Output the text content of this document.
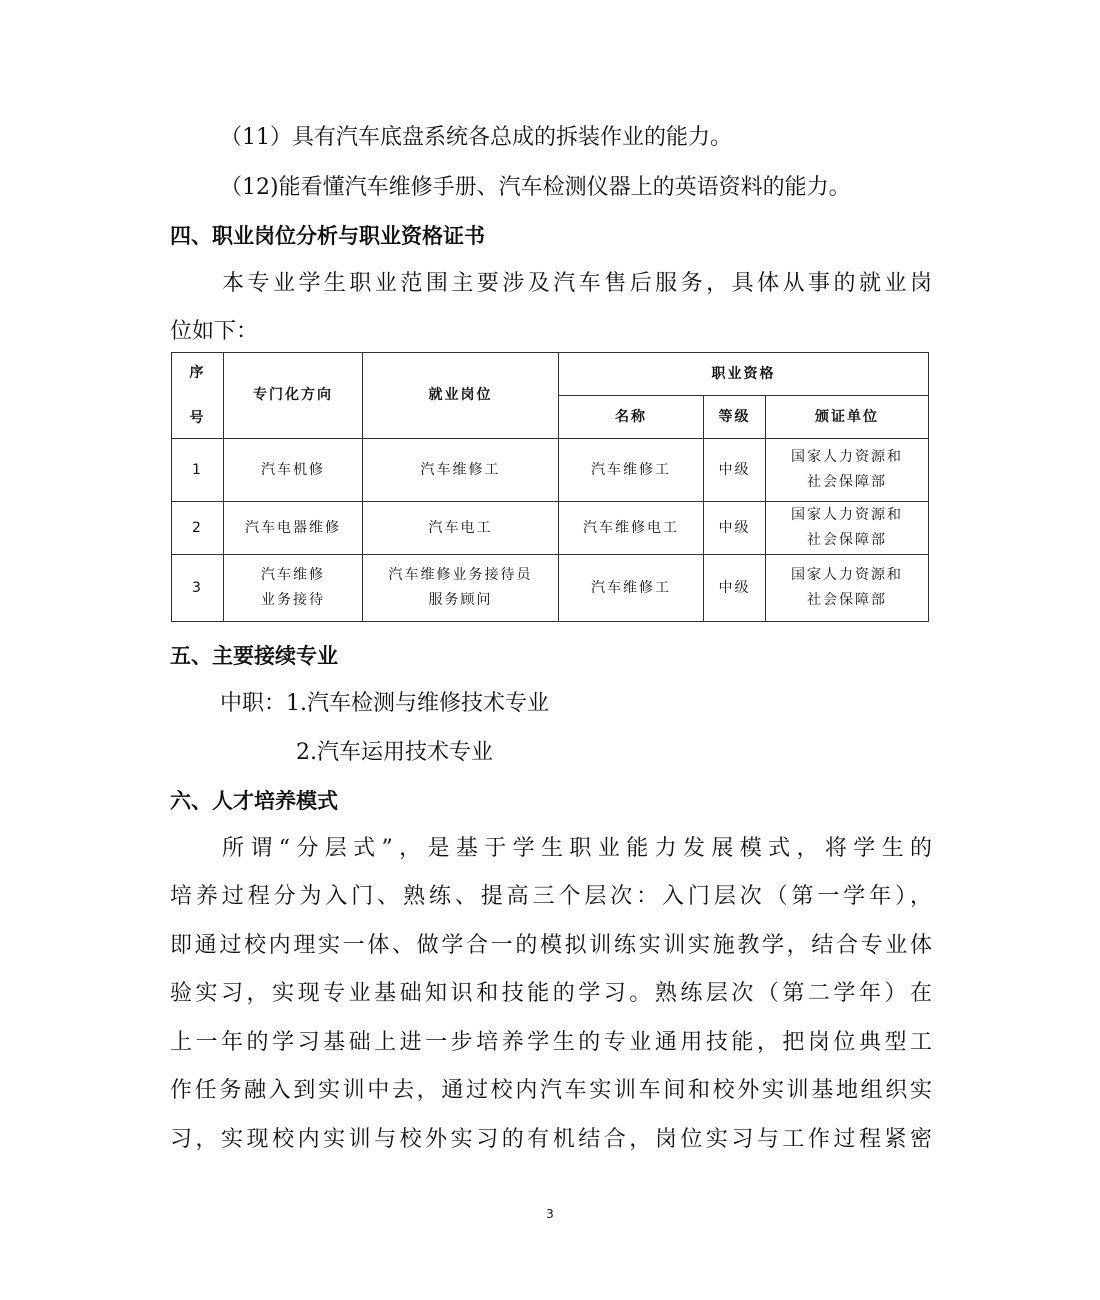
（11）具有汽车底盘系统各总成的拆装作业的能力。
（12)能看懂汽车维修手册、汽车检测仪器上的英语资料的能力。
四、职业岗位分析与职业资格证书
本专业学生职业范围主要涉及汽车售后服务，具体从事的就业岗
位如下：
序
号	专门化方向	就业岗位	职业资格		
			名称	等级	颁证单位
1	汽车机修	汽车维修工	汽车维修工	中级	国家人力资源和
社会保障部
2	汽车电器维修	汽车电工	汽车维修电工	中级	国家人力资源和
社会保障部
3	汽车维修
业务接待	汽车维修业务接待员
服务顾问	汽车维修工	中级	国家人力资源和
社会保障部
五、主要接续专业
中职：1.汽车检测与维修技术专业
2.汽车运用技术专业
六、人才培养模式
所谓“分层式”，是基于学生职业能力发展模式，将学生的
培养过程分为入门、熟练、提高三个层次：入门层次（第一学年），
即通过校内理实一体、做学合一的模拟训练实训实施教学，结合专业体
验实习，实现专业基础知识和技能的学习。熟练层次（第二学年）在
上一年的学习基础上进一步培养学生的专业通用技能，把岗位典型工
作任务融入到实训中去，通过校内汽车实训车间和校外实训基地组织实
习，实现校内实训与校外实习的有机结合，岗位实习与工作过程紧密
3
